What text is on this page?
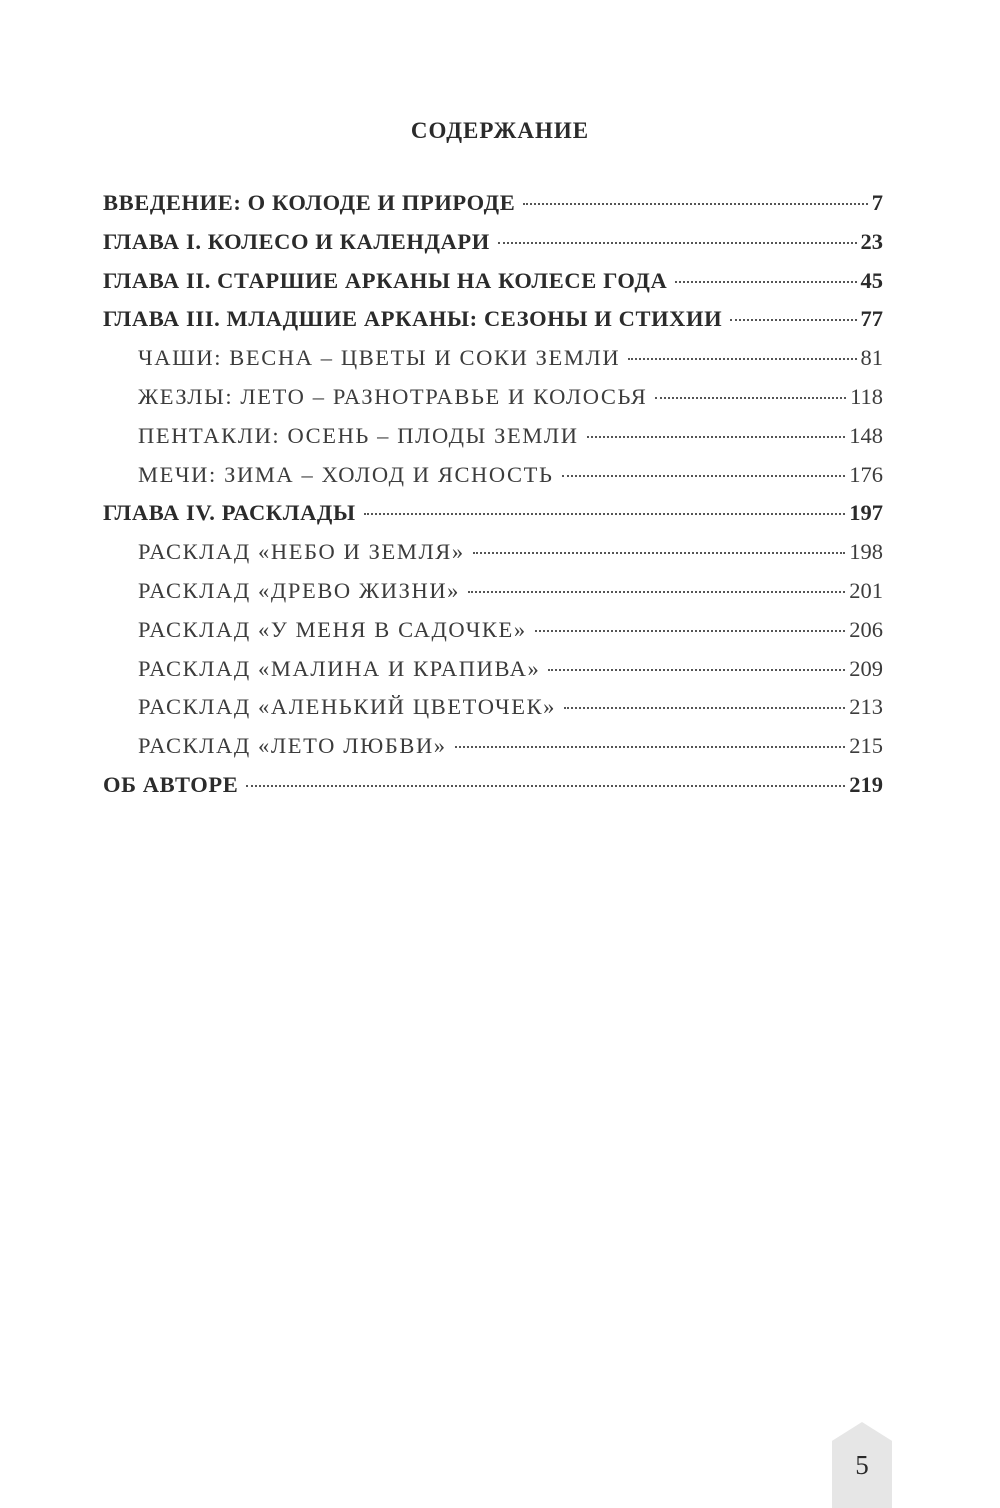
СОДЕРЖАНИЕ
ВВЕДЕНИЕ: О КОЛОДЕ И ПРИРОДЕ	7
ГЛАВА I. КОЛЕСО И КАЛЕНДАРИ	23
ГЛАВА II. СТАРШИЕ АРКАНЫ НА КОЛЕСЕ ГОДА	45
ГЛАВА III. МЛАДШИЕ АРКАНЫ: СЕЗОНЫ И СТИХИИ	77
ЧАШИ: ВЕСНА – ЦВЕТЫ И СОКИ ЗЕМЛИ	81
ЖЕЗЛЫ: ЛЕТО – РАЗНОТРАВЬЕ И КОЛОСЬЯ	118
ПЕНТАКЛИ: ОСЕНЬ – ПЛОДЫ ЗЕМЛИ	148
МЕЧИ: ЗИМА – ХОЛОД И ЯСНОСТЬ	176
ГЛАВА IV. РАСКЛАДЫ	197
РАСКЛАД «НЕБО И ЗЕМЛЯ»	198
РАСКЛАД «ДРЕВО ЖИЗНИ»	201
РАСКЛАД «У МЕНЯ В САДОЧКЕ»	206
РАСКЛАД «МАЛИНА И КРАПИВА»	209
РАСКЛАД «АЛЕНЬКИЙ ЦВЕТОЧЕК»	213
РАСКЛАД «ЛЕТО ЛЮБВИ»	215
ОБ АВТОРЕ	219
5
